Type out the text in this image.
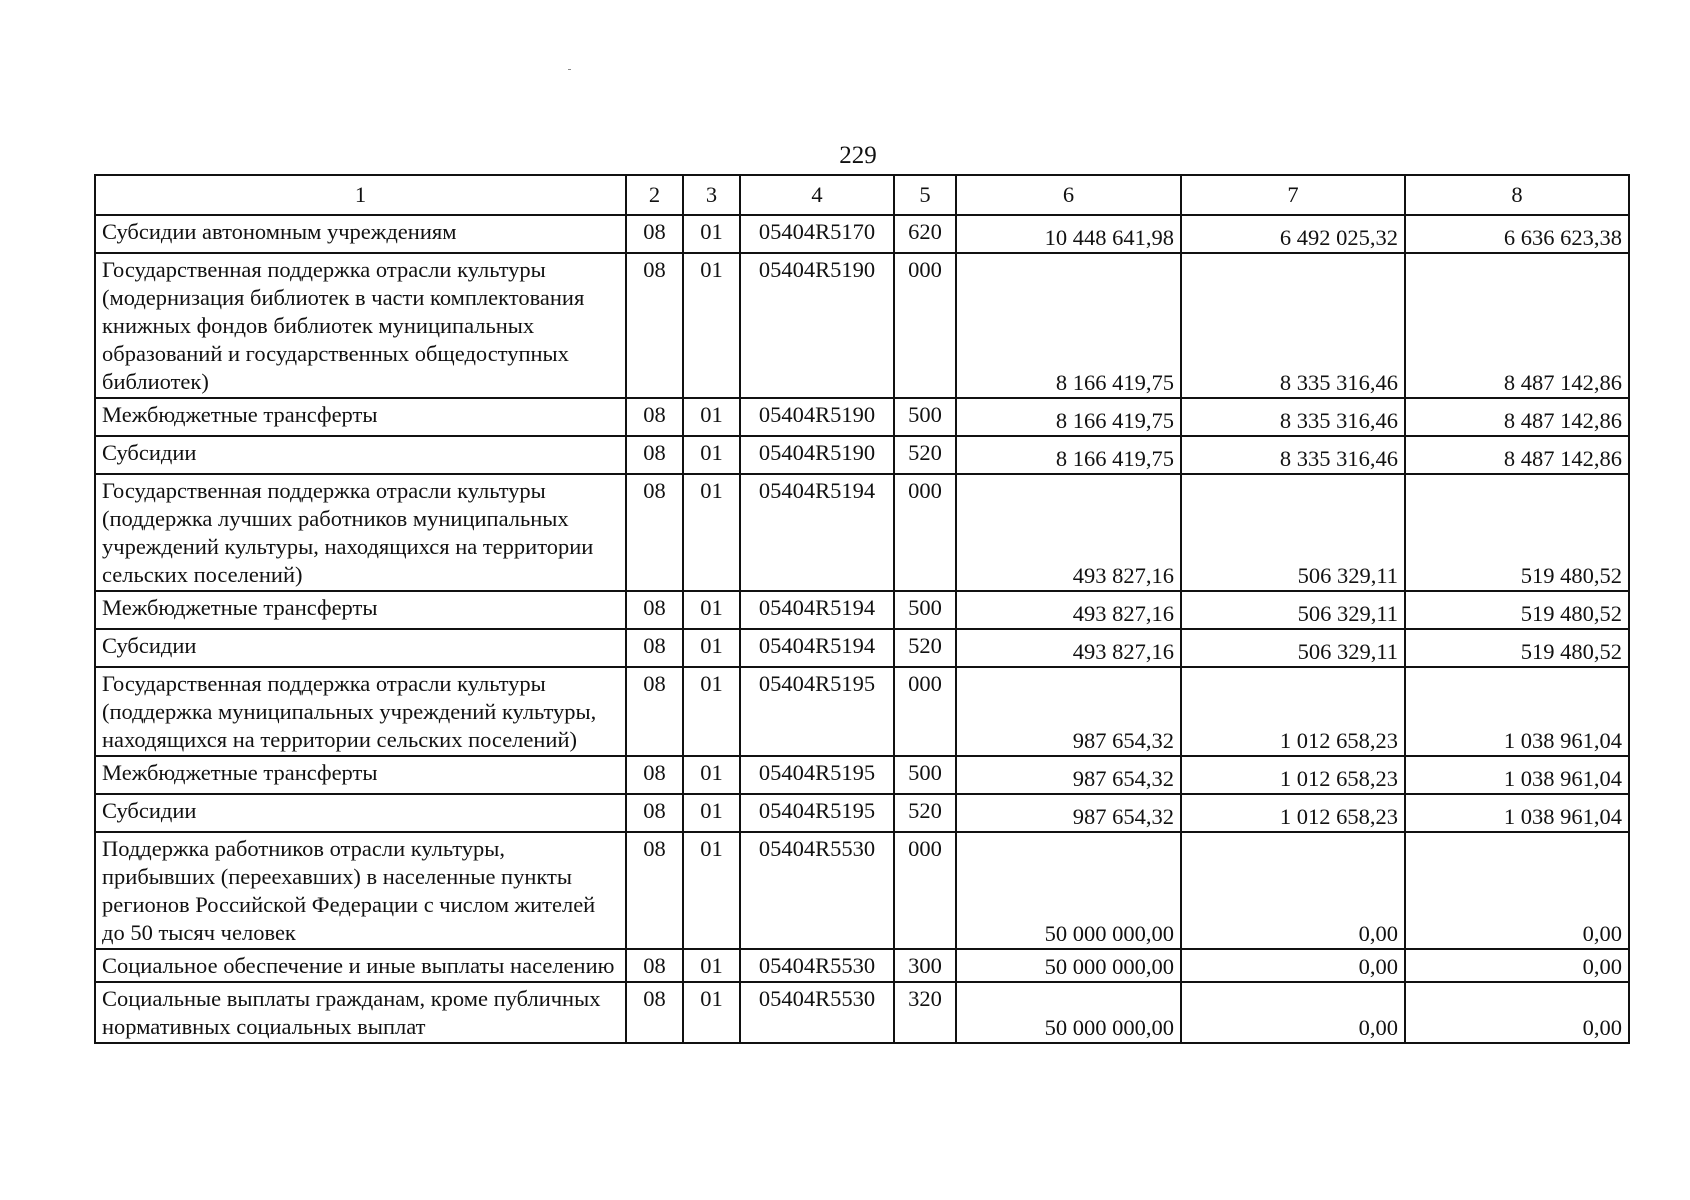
229
1	2	3	4	5	6	7	8
Субсидии автономным учреждениям	08	01	05404R5170	620	10 448 641,98	6 492 025,32	6 636 623,38
Государственная поддержка отрасли культуры (модернизация библиотек в части комплектования книжных фондов библиотек муниципальных образований и государственных общедоступных библиотек)	08	01	05404R5190	000	8 166 419,75	8 335 316,46	8 487 142,86
Межбюджетные трансферты	08	01	05404R5190	500	8 166 419,75	8 335 316,46	8 487 142,86
Субсидии	08	01	05404R5190	520	8 166 419,75	8 335 316,46	8 487 142,86
Государственная поддержка отрасли культуры (поддержка лучших работников муниципальных учреждений культуры, находящихся на территории сельских поселений)	08	01	05404R5194	000	493 827,16	506 329,11	519 480,52
Межбюджетные трансферты	08	01	05404R5194	500	493 827,16	506 329,11	519 480,52
Субсидии	08	01	05404R5194	520	493 827,16	506 329,11	519 480,52
Государственная поддержка отрасли культуры (поддержка муниципальных учреждений культуры, находящихся на территории сельских поселений)	08	01	05404R5195	000	987 654,32	1 012 658,23	1 038 961,04
Межбюджетные трансферты	08	01	05404R5195	500	987 654,32	1 012 658,23	1 038 961,04
Субсидии	08	01	05404R5195	520	987 654,32	1 012 658,23	1 038 961,04
Поддержка работников отрасли культуры, прибывших (переехавших) в населенные пункты регионов Российской Федерации с числом жителей до 50 тысяч человек	08	01	05404R5530	000	50 000 000,00	0,00	0,00
Социальное обеспечение и иные выплаты населению	08	01	05404R5530	300	50 000 000,00	0,00	0,00
Социальные выплаты гражданам, кроме публичных нормативных социальных выплат	08	01	05404R5530	320	50 000 000,00	0,00	0,00
